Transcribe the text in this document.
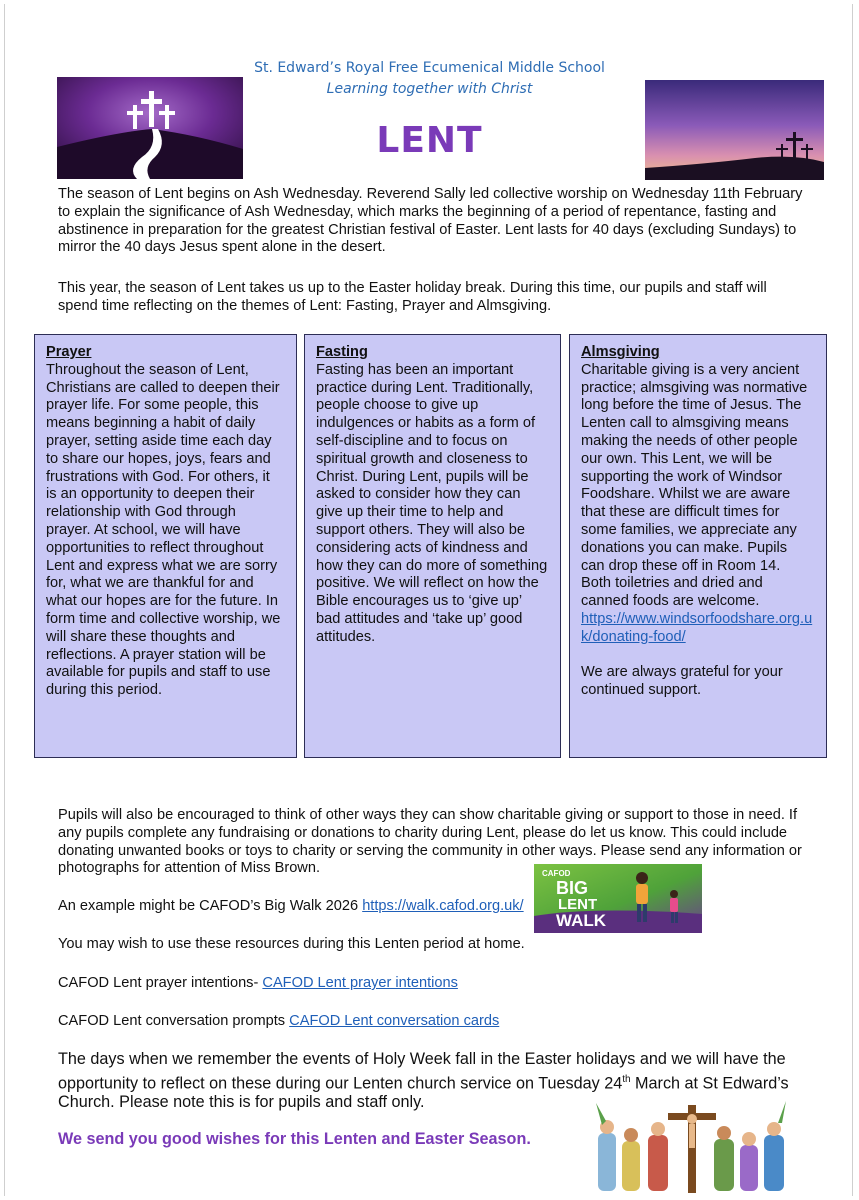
St. Edward’s Royal Free Ecumenical Middle School
Learning together with Christ
LENT
The season of Lent begins on Ash Wednesday. Reverend Sally led collective worship on Wednesday 11th February to explain the significance of Ash Wednesday, which marks the beginning of a period of repentance, fasting and abstinence in preparation for the greatest Christian festival of Easter. Lent lasts for 40 days (excluding Sundays) to mirror the 40 days Jesus spent alone in the desert.
This year, the season of Lent takes us up to the Easter holiday break. During this time, our pupils and staff will spend time reflecting on the themes of Lent: Fasting, Prayer and Almsgiving.
Prayer

Throughout the season of Lent, Christians are called to deepen their prayer life. For some people, this means beginning a habit of daily prayer, setting aside time each day to share our hopes, joys, fears and frustrations with God. For others, it is an opportunity to deepen their relationship with God through prayer. At school, we will have opportunities to reflect throughout Lent and express what we are sorry for, what we are thankful for and what our hopes are for the future. In form time and collective worship, we will share these thoughts and reflections. A prayer station will be available for pupils and staff to use during this period.

Fasting

Fasting has been an important practice during Lent. Traditionally, people choose to give up indulgences or habits as a form of self-discipline and to focus on spiritual growth and closeness to Christ. During Lent, pupils will be asked to consider how they can give up their time to help and support others. They will also be considering acts of kindness and how they can do more of something positive. We will reflect on how the Bible encourages us to ‘give up’ bad attitudes and ‘take up’ good attitudes.

Almsgiving

Charitable giving is a very ancient practice; almsgiving was normative long before the time of Jesus. The Lenten call to almsgiving means making the needs of other people our own. This Lent, we will be supporting the work of Windsor Foodshare. Whilst we are aware that these are difficult times for some families, we appreciate any donations you can make. Pupils can drop these off in Room 14. Both toiletries and dried and canned foods are welcome.
https://www.windsorfoodshare.org.uk/donating-food/

We are always grateful for your continued support.

Pupils will also be encouraged to think of other ways they can show charitable giving or support to those in need. If any pupils complete any fundraising or donations to charity during Lent, please do let us know. This could include donating unwanted books or toys to charity or serving the community in other ways. Please send any information or photographs for attention of Miss Brown.
An example might be CAFOD’s Big Walk 2026 https://walk.cafod.org.uk/
CAFOD
BIG
LENT
WALK
You may wish to use these resources during this Lenten period at home.
CAFOD Lent prayer intentions- CAFOD Lent prayer intentions
CAFOD Lent conversation prompts CAFOD Lent conversation cards
The days when we remember the events of Holy Week fall in the Easter holidays and we will have the opportunity to reflect on these during our Lenten church service on Tuesday 24th March at St Edward’s Church. Please note this is for pupils and staff only.
We send you good wishes for this Lenten and Easter Season.
